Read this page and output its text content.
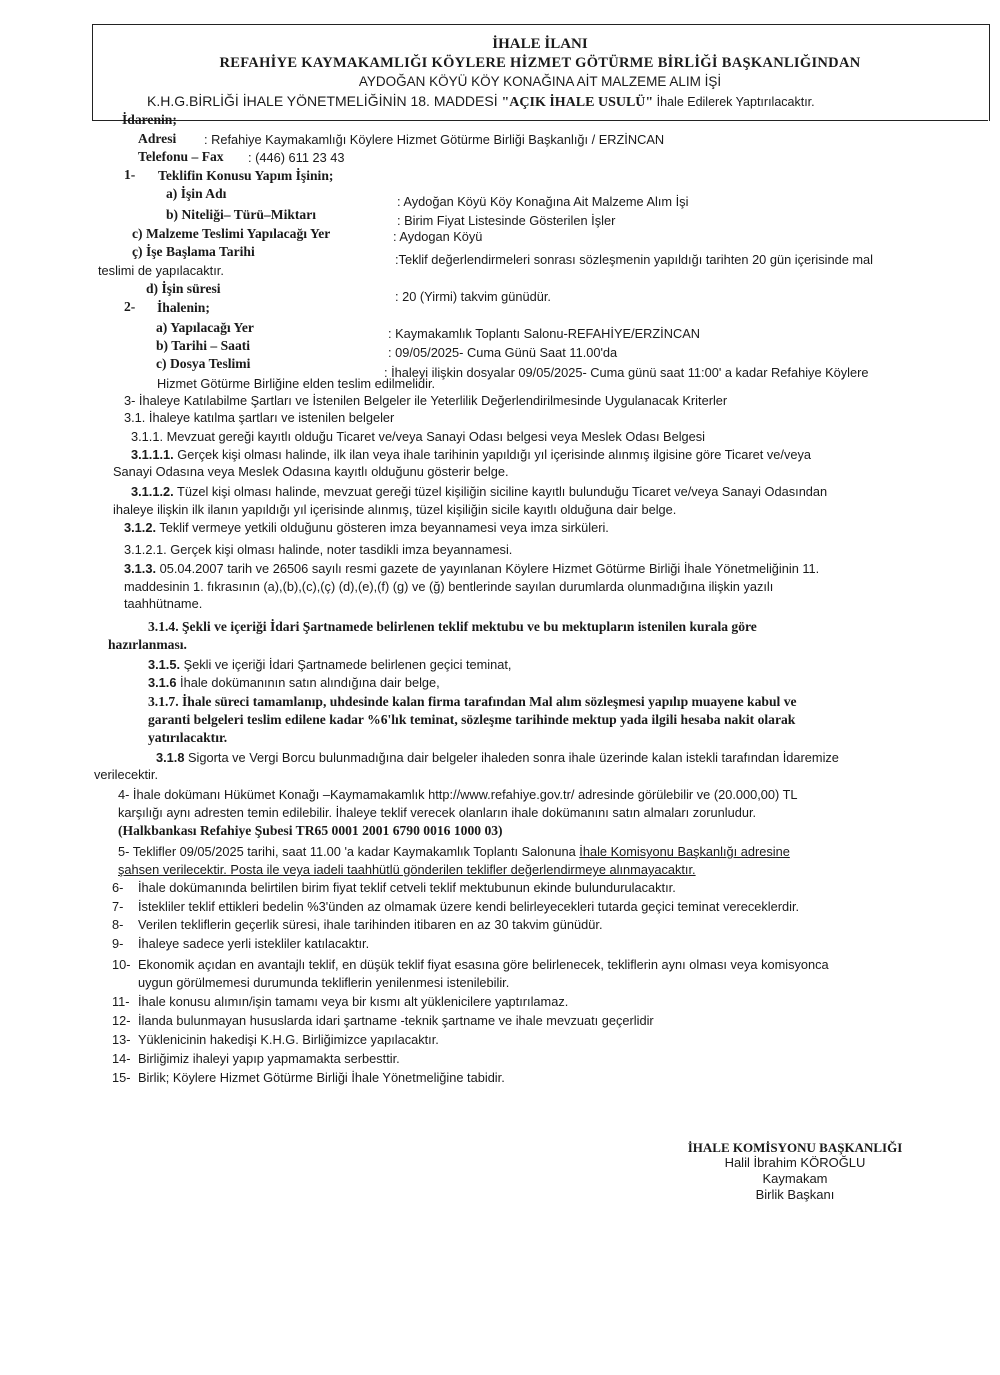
İHALE İLANI
REFAHİYE KAYMAKAMLIĞI KÖYLERE HİZMET GÖTÜRME BİRLİĞİ BAŞKANLIĞINDAN
AYDOĞAN KÖYÜ KÖY KONAĞINA AİT MALZEME ALIM İŞİ
K.H.G.BİRLİĞİ İHALE YÖNETMELİĞİNİN 18. MADDESİ "AÇIK İHALE USULÜ" İhale Edilerek Yaptırılacaktır.
İdarenin;
Adresi : Refahiye Kaymakamlığı Köylere Hizmet Götürme Birliği Başkanlığı / ERZİNCAN
Telefonu – Fax : (446) 611 23 43
1- Teklifin Konusu Yapım İşinin;
a) İşin Adı
: Aydoğan Köyü Köy Konağına Ait Malzeme Alım İşi
b) Niteliği– Türü–Miktarı	: Birim Fiyat Listesinde Gösterilen İşler
c) Malzeme Teslimi Yapılacağı Yer	: Aydogan Köyü
ç) İşe Başlama Tarihi
:Teklif değerlendirmeleri sonrası sözleşmenin yapıldığı tarihten 20 gün içerisinde mal
teslimi de yapılacaktır.
d) İşin süresi
: 20 (Yirmi) takvim günüdür.
2- İhalenin;
a) Yapılacağı Yer	: Kaymakamlık Toplantı Salonu-REFAHİYE/ERZİNCAN
b) Tarihi – Saati	: 09/05/2025- Cuma Günü Saat 11.00'da
c) Dosya Teslimi
: İhaleyi ilişkin dosyalar 09/05/2025- Cuma günü saat 11:00' a kadar Refahiye Köylere
Hizmet Götürme Birliğine elden teslim edilmelidir.
3- İhaleye Katılabilme Şartları ve İstenilen Belgeler ile Yeterlilik Değerlendirilmesinde Uygulanacak Kriterler
3.1. İhaleye katılma şartları ve istenilen belgeler
3.1.1. Mevzuat gereği kayıtlı olduğu Ticaret ve/veya Sanayi Odası belgesi veya Meslek Odası Belgesi
3.1.1.1. Gerçek kişi olması halinde, ilk ilan veya ihale tarihinin yapıldığı yıl içerisinde alınmış ilgisine göre Ticaret ve/veya
Sanayi Odasına veya Meslek Odasına kayıtlı olduğunu gösterir belge.
3.1.1.2. Tüzel kişi olması halinde, mevzuat gereği tüzel kişiliğin siciline kayıtlı bulunduğu Ticaret ve/veya Sanayi Odasından
ihaleye ilişkin ilk ilanın yapıldığı yıl içerisinde alınmış, tüzel kişiliğin sicile kayıtlı olduğuna dair belge.
3.1.2. Teklif vermeye yetkili olduğunu gösteren imza beyannamesi veya imza sirküleri.
3.1.2.1. Gerçek kişi olması halinde, noter tasdikli imza beyannamesi.
3.1.3. 05.04.2007 tarih ve 26506 sayılı resmi gazete de yayınlanan Köylere Hizmet Götürme Birliği İhale Yönetmeliğinin 11.
maddesinin 1. fıkrasının (a),(b),(c),(ç) (d),(e),(f) (g) ve (ğ) bentlerinde sayılan durumlarda olunmadığına ilişkin yazılı
taahhütname.
3.1.4. Şekli ve içeriği İdari Şartnamede belirlenen teklif mektubu ve bu mektupların istenilen kurala göre
hazırlanması.
3.1.5. Şekli ve içeriği İdari Şartnamede belirlenen geçici teminat,
3.1.6 İhale dokümanının satın alındığına dair belge,
3.1.7. İhale süreci tamamlanıp, uhdesinde kalan firma tarafından Mal alım sözleşmesi yapılıp muayene kabul ve
garanti belgeleri teslim edilene kadar %6'lık teminat, sözleşme tarihinde mektup yada ilgili hesaba nakit olarak
yatırılacaktır.
3.1.8 Sigorta ve Vergi Borcu bulunmadığına dair belgeler ihaleden sonra ihale üzerinde kalan istekli tarafından İdaremize
verilecektir.
4- İhale dokümanı Hükümet Konağı –Kaymamakamlık http://www.refahiye.gov.tr/ adresinde görülebilir ve (20.000,00) TL
karşılığı aynı adresten temin edilebilir. İhaleye teklif verecek olanların ihale dokümanını satın almaları zorunludur.
(Halkbankası Refahiye Şubesi TR65 0001 2001 6790 0016 1000 03)
5- Teklifler 09/05/2025 tarihi, saat 11.00 'a kadar Kaymakamlık Toplantı Salonuna İhale Komisyonu Başkanlığı adresine
şahsen verilecektir. Posta ile veya iadeli taahhütlü gönderilen teklifler değerlendirmeye alınmayacaktır.
6- İhale dokümanında belirtilen birim fiyat teklif cetveli teklif mektubunun ekinde bulundurulacaktır.
7- İstekliler teklif ettikleri bedelin %3'ünden az olmamak üzere kendi belirleyecekleri tutarda geçici teminat vereceklerdir.
8- Verilen tekliflerin geçerlik süresi, ihale tarihinden itibaren en az 30 takvim günüdür.
9- İhaleye sadece yerli istekliler katılacaktır.
10- Ekonomik açıdan en avantajlı teklif, en düşük teklif fiyat esasına göre belirlenecek, tekliflerin aynı olması veya komisyonca
uygun görülmemesi durumunda tekliflerin yenilenmesi istenilebilir.
11- İhale konusu alımın/işin tamamı veya bir kısmı alt yüklenicilere yaptırılamaz.
12- İlanda bulunmayan hususlarda idari şartname -teknik şartname ve ihale mevzuatı geçerlidir
13- Yüklenicinin hakedişi K.H.G. Birliğimizce yapılacaktır.
14- Birliğimiz ihaleyi yapıp yapmamakta serbesttir.
15- Birlik; Köylere Hizmet Götürme Birliği İhale Yönetmeliğine tabidir.
İHALE KOMİSYONU BAŞKANLIĞI
Halil İbrahim KÖROĞLU
Kaymakam
Birlik Başkanı
